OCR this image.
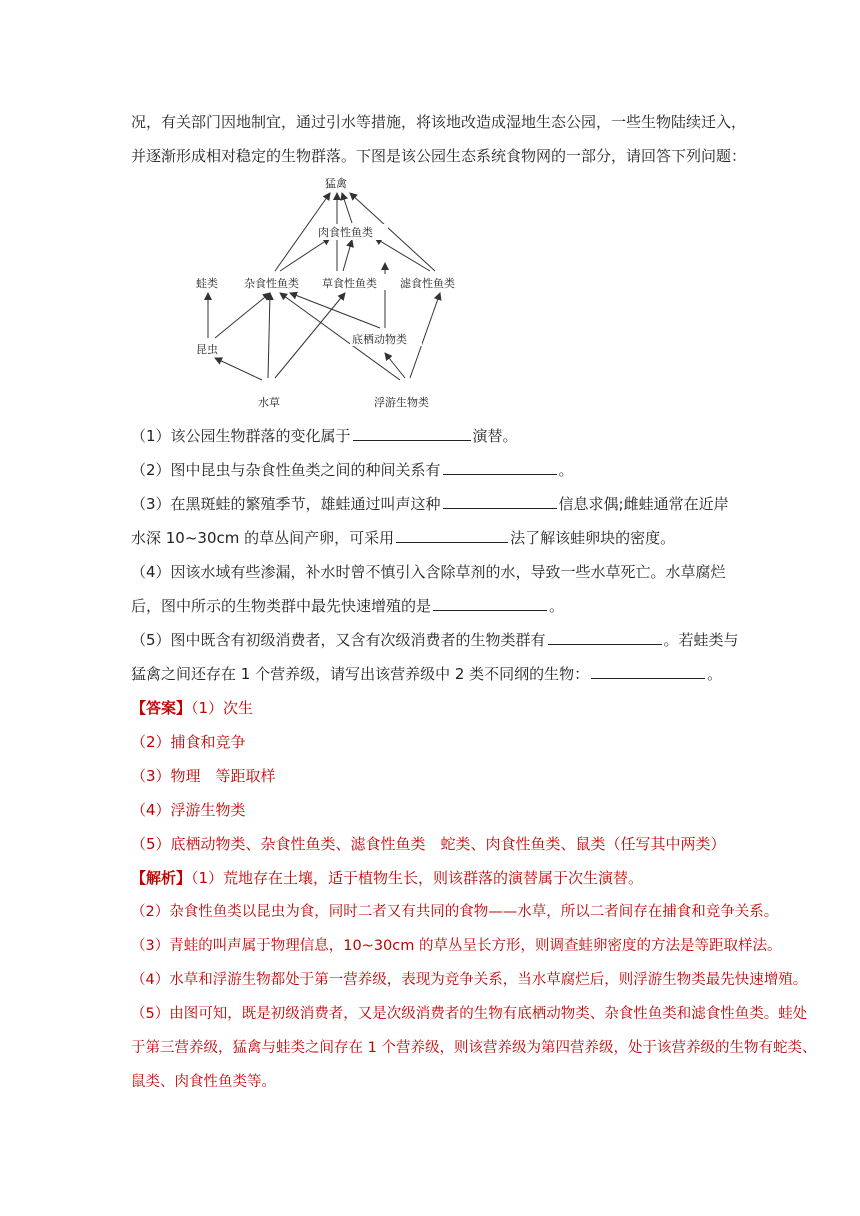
况，有关部门因地制宜，通过引水等措施，将该地改造成湿地生态公园，一些生物陆续迁入，
并逐渐形成相对稳定的生物群落。下图是该公园生态系统食物网的一部分，请回答下列问题：
猛禽
肉食性鱼类
蛙类 杂食性鱼类 草食性鱼类 滤食性鱼类
昆虫
底栖动物类
水草	浮游生物类
（1）该公园生物群落的变化属于	演替。
（2）图中昆虫与杂食性鱼类之间的种间关系有	。
（3）在黑斑蛙的繁殖季节，雄蛙通过叫声这种	信息求偶;雌蛙通常在近岸
水深 10~30cm 的草丛间产卵，可采用	法了解该蛙卵块的密度。
（4）因该水域有些渗漏，补水时曾不慎引入含除草剂的水，导致一些水草死亡。水草腐烂
后，图中所示的生物类群中最先快速增殖的是	。
（5）图中既含有初级消费者，又含有次级消费者的生物类群有	。若蛙类与
猛禽之间还存在 1 个营养级，请写出该营养级中 2 类不同纲的生物：	。
【答案】（1）次生
（2）捕食和竞争
（3）物理　等距取样
（4）浮游生物类
（5）底栖动物类、杂食性鱼类、滤食性鱼类　蛇类、肉食性鱼类、鼠类（任写其中两类）
【解析】（1）荒地存在土壤，适于植物生长，则该群落的演替属于次生演替。
（2）杂食性鱼类以昆虫为食，同时二者又有共同的食物——水草，所以二者间存在捕食和竞争关系。
（3）青蛙的叫声属于物理信息，10~30cm 的草丛呈长方形，则调查蛙卵密度的方法是等距取样法。
（4）水草和浮游生物都处于第一营养级，表现为竞争关系，当水草腐烂后，则浮游生物类最先快速增殖。
（5）由图可知，既是初级消费者，又是次级消费者的生物有底栖动物类、杂食性鱼类和滤食性鱼类。蛙处
于第三营养级，猛禽与蛙类之间存在 1 个营养级，则该营养级为第四营养级，处于该营养级的生物有蛇类、
鼠类、肉食性鱼类等。
